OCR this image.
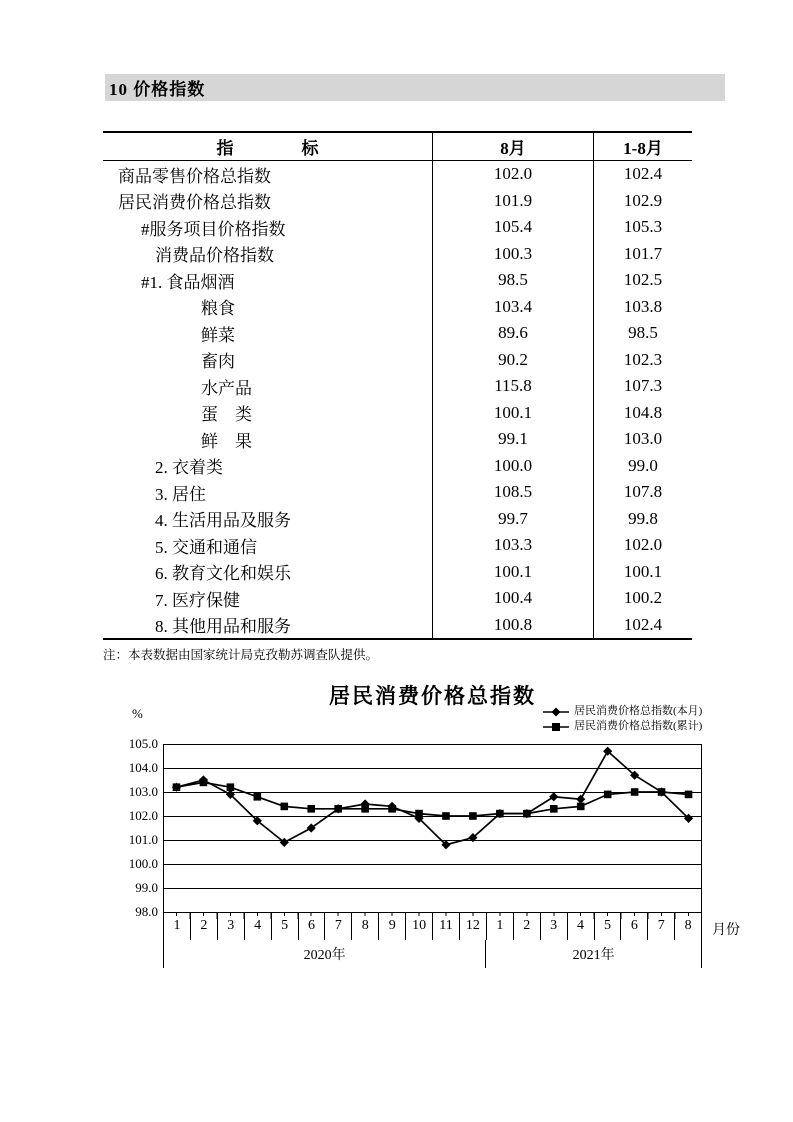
10 价格指数
指　　　　标	8月	1-8月
商品零售价格总指数	102.0	102.4
居民消费价格总指数	101.9	102.9
#服务项目价格指数	105.4	105.3
消费品价格指数	100.3	101.7
#1. 食品烟酒	98.5	102.5
粮食	103.4	103.8
鲜菜	89.6	98.5
畜肉	90.2	102.3
水产品	115.8	107.3
蛋　类	100.1	104.8
鲜　果	99.1	103.0
2. 衣着类	100.0	99.0
3. 居住	108.5	107.8
4. 生活用品及服务	99.7	99.8
5. 交通和通信	103.3	102.0
6. 教育文化和娱乐	100.1	100.1
7. 医疗保健	100.4	100.2
8. 其他用品和服务	100.8	102.4
注：本表数据由国家统计局克孜勒苏调查队提供。
居民消费价格总指数
%	居民消费价格总指数(本月)
居民消费价格总指数(累计)
105.0
104.0
103.0
102.0
101.0
100.0
99.0
98.0
1	2	3	4	5	6	7	8	9	10 11 12	1	2	3	4	5	6	7	8
2020年	2021年
月份
